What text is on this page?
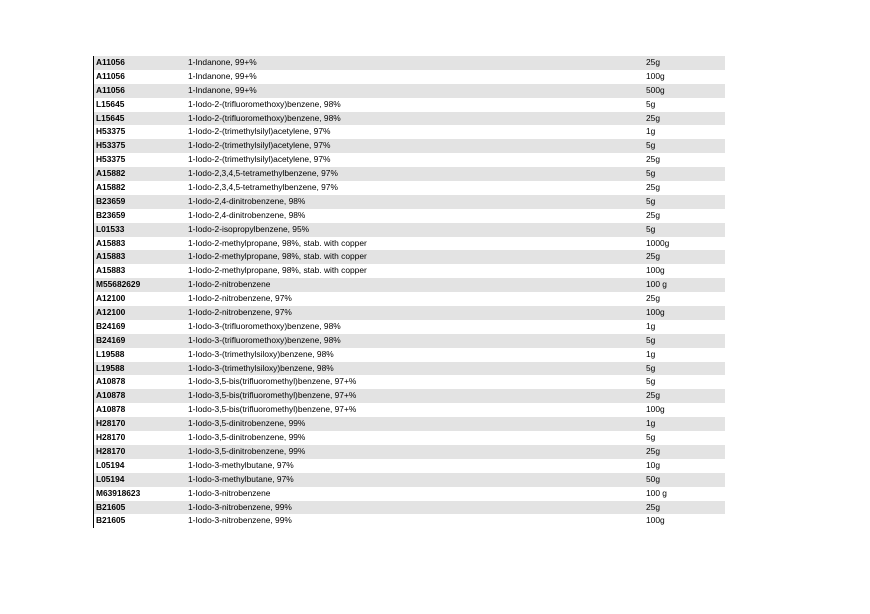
A11056	1-Indanone, 99+%	25g
A11056	1-Indanone, 99+%	100g
A11056	1-Indanone, 99+%	500g
L15645	1-Iodo-2-(trifluoromethoxy)benzene, 98%	5g
L15645	1-Iodo-2-(trifluoromethoxy)benzene, 98%	25g
H53375	1-Iodo-2-(trimethylsilyl)acetylene, 97%	1g
H53375	1-Iodo-2-(trimethylsilyl)acetylene, 97%	5g
H53375	1-Iodo-2-(trimethylsilyl)acetylene, 97%	25g
A15882	1-Iodo-2,3,4,5-tetramethylbenzene, 97%	5g
A15882	1-Iodo-2,3,4,5-tetramethylbenzene, 97%	25g
B23659	1-Iodo-2,4-dinitrobenzene, 98%	5g
B23659	1-Iodo-2,4-dinitrobenzene, 98%	25g
L01533	1-Iodo-2-isopropylbenzene, 95%	5g
A15883	1-Iodo-2-methylpropane, 98%, stab. with copper	1000g
A15883	1-Iodo-2-methylpropane, 98%, stab. with copper	25g
A15883	1-Iodo-2-methylpropane, 98%, stab. with copper	100g
M55682629	1-Iodo-2-nitrobenzene	100 g
A12100	1-Iodo-2-nitrobenzene, 97%	25g
A12100	1-Iodo-2-nitrobenzene, 97%	100g
B24169	1-Iodo-3-(trifluoromethoxy)benzene, 98%	1g
B24169	1-Iodo-3-(trifluoromethoxy)benzene, 98%	5g
L19588	1-Iodo-3-(trimethylsiloxy)benzene, 98%	1g
L19588	1-Iodo-3-(trimethylsiloxy)benzene, 98%	5g
A10878	1-Iodo-3,5-bis(trifluoromethyl)benzene, 97+%	5g
A10878	1-Iodo-3,5-bis(trifluoromethyl)benzene, 97+%	25g
A10878	1-Iodo-3,5-bis(trifluoromethyl)benzene, 97+%	100g
H28170	1-Iodo-3,5-dinitrobenzene, 99%	1g
H28170	1-Iodo-3,5-dinitrobenzene, 99%	5g
H28170	1-Iodo-3,5-dinitrobenzene, 99%	25g
L05194	1-Iodo-3-methylbutane, 97%	10g
L05194	1-Iodo-3-methylbutane, 97%	50g
M63918623	1-Iodo-3-nitrobenzene	100 g
B21605	1-Iodo-3-nitrobenzene, 99%	25g
B21605	1-Iodo-3-nitrobenzene, 99%	100g
